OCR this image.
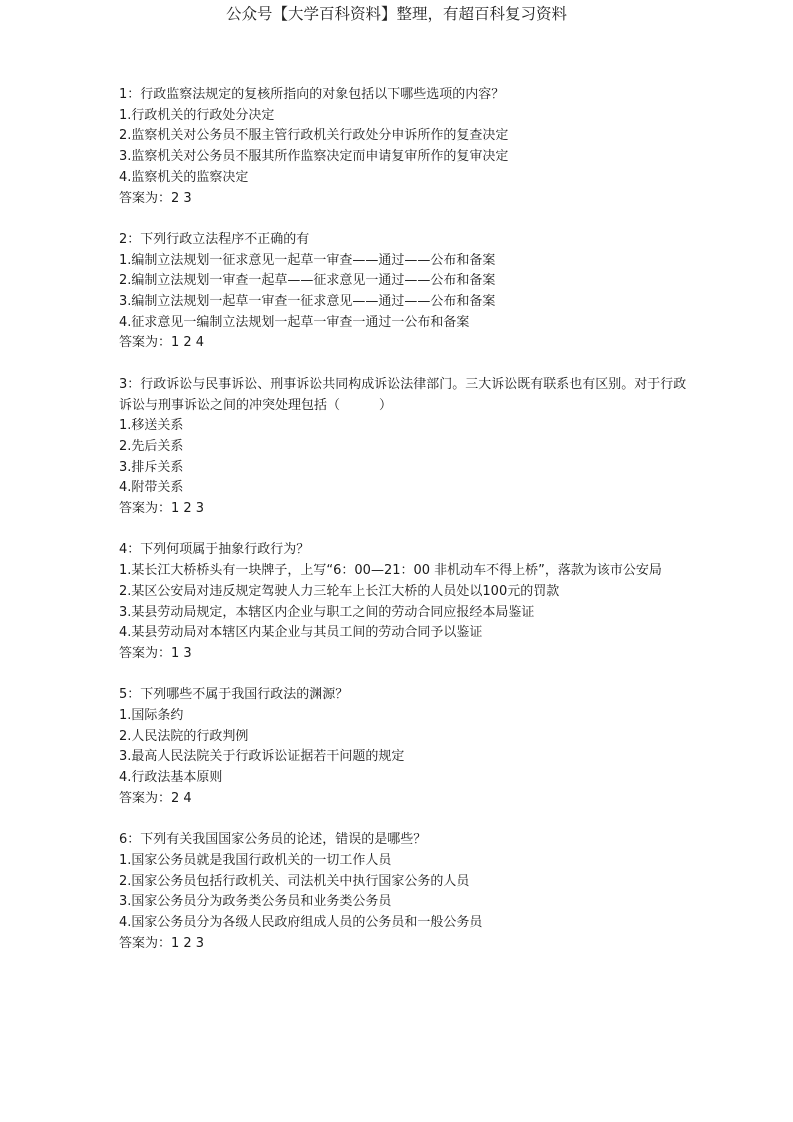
公众号【大学百科资料】整理，有超百科复习资料
1：行政监察法规定的复核所指向的对象包括以下哪些选项的内容？
1.行政机关的行政处分决定
2.监察机关对公务员不服主管行政机关行政处分申诉所作的复查决定
3.监察机关对公务员不服其所作监察决定而申请复审所作的复审决定
4.监察机关的监察决定
答案为：2 3
2：下列行政立法程序不正确的有
1.编制立法规划一征求意见一起草一审查——通过——公布和备案
2.编制立法规划一审查一起草——征求意见一通过——公布和备案
3.编制立法规划一起草一审查一征求意见——通过——公布和备案
4.征求意见一编制立法规划一起草一审查一通过一公布和备案
答案为：1 2 4
3：行政诉讼与民事诉讼、刑事诉讼共同构成诉讼法律部门。三大诉讼既有联系也有区别。对于行政诉讼与刑事诉讼之间的冲突处理包括（　　　）
1.移送关系
2.先后关系
3.排斥关系
4.附带关系
答案为：1 2 3
4：下列何项属于抽象行政行为？
1.某长江大桥桥头有一块牌子，上写“6：00—21：00 非机动车不得上桥”，落款为该市公安局
2.某区公安局对违反规定驾驶人力三轮车上长江大桥的人员处以100元的罚款
3.某县劳动局规定，本辖区内企业与职工之间的劳动合同应报经本局鉴证
4.某县劳动局对本辖区内某企业与其员工间的劳动合同予以鉴证
答案为：1 3
5：下列哪些不属于我国行政法的渊源？
1.国际条约
2.人民法院的行政判例
3.最高人民法院关于行政诉讼证据若干问题的规定
4.行政法基本原则
答案为：2 4
6：下列有关我国国家公务员的论述，错误的是哪些？
1.国家公务员就是我国行政机关的一切工作人员
2.国家公务员包括行政机关、司法机关中执行国家公务的人员
3.国家公务员分为政务类公务员和业务类公务员
4.国家公务员分为各级人民政府组成人员的公务员和一般公务员
答案为：1 2 3
